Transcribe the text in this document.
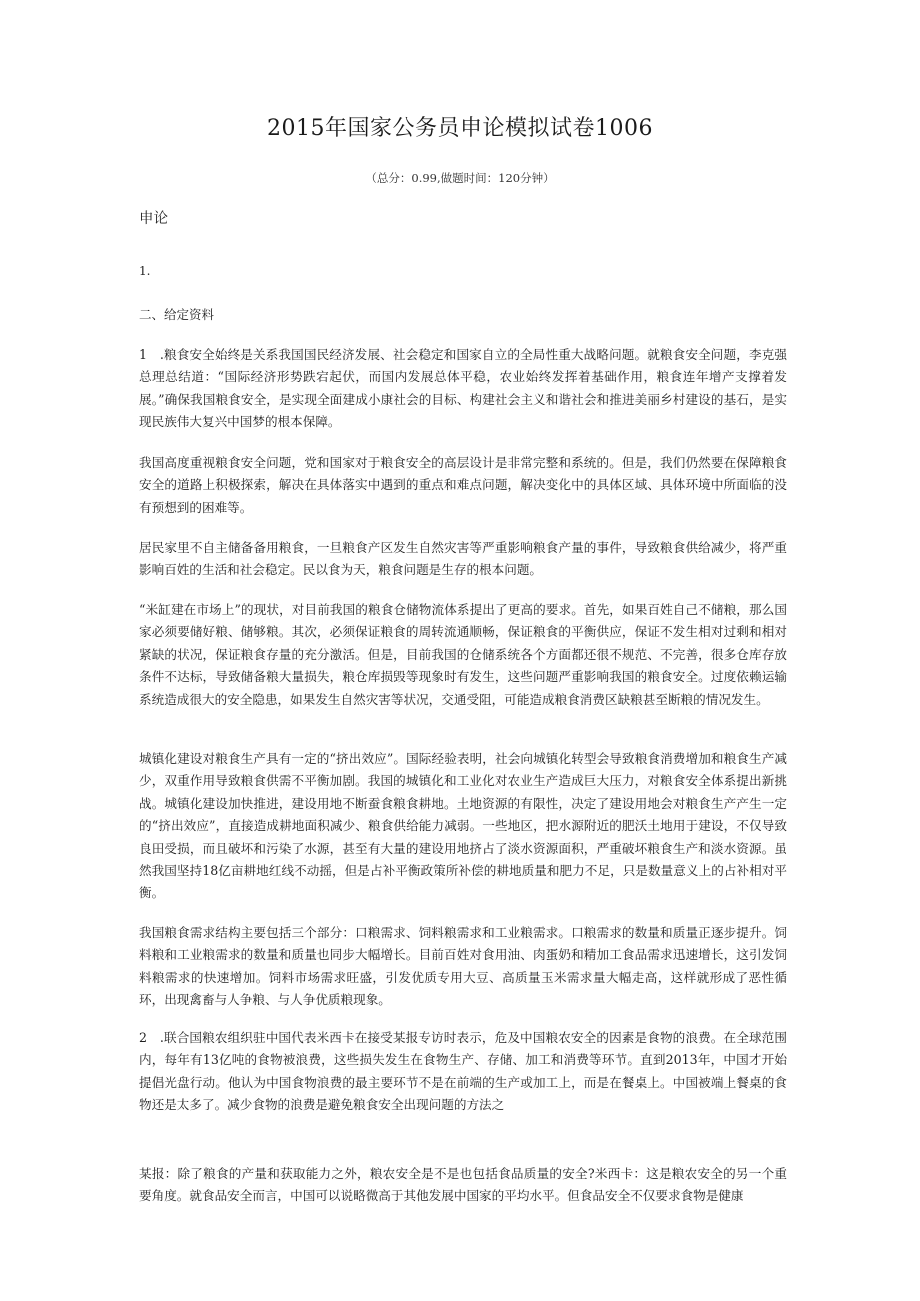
2015年国家公务员申论模拟试卷1006
（总分：0.99,做题时间：120分钟）
申论
1.
二、给定资料
1　.粮食安全始终是关系我国国民经济发展、社会稳定和国家自立的全局性重大战略问题。就粮食安全问题，李克强总理总结道：“国际经济形势跌宕起伏，而国内发展总体平稳，农业始终发挥着基础作用，粮食连年增产支撑着发展。”确保我国粮食安全，是实现全面建成小康社会的目标、构建社会主义和谐社会和推进美丽乡村建设的基石，是实现民族伟大复兴中国梦的根本保障。
我国高度重视粮食安全问题，党和国家对于粮食安全的高层设计是非常完整和系统的。但是，我们仍然要在保障粮食安全的道路上积极探索，解决在具体落实中遇到的重点和难点问题，解决变化中的具体区域、具体环境中所面临的没有预想到的困难等。
居民家里不自主储备备用粮食，一旦粮食产区发生自然灾害等严重影响粮食产量的事件，导致粮食供给减少，将严重影响百姓的生活和社会稳定。民以食为天，粮食问题是生存的根本问题。
“米缸建在市场上”的现状，对目前我国的粮食仓储物流体系提出了更高的要求。首先，如果百姓自己不储粮，那么国家必须要储好粮、储够粮。其次，必须保证粮食的周转流通顺畅，保证粮食的平衡供应，保证不发生相对过剩和相对紧缺的状况，保证粮食存量的充分激活。但是，目前我国的仓储系统各个方面都还很不规范、不完善，很多仓库存放条件不达标，导致储备粮大量损失，粮仓库损毁等现象时有发生，这些问题严重影响我国的粮食安全。过度依赖运输系统造成很大的安全隐患，如果发生自然灾害等状况，交通受阻，可能造成粮食消费区缺粮甚至断粮的情况发生。
城镇化建设对粮食生产具有一定的“挤出效应”。国际经验表明，社会向城镇化转型会导致粮食消费增加和粮食生产减少，双重作用导致粮食供需不平衡加剧。我国的城镇化和工业化对农业生产造成巨大压力，对粮食安全体系提出新挑战。城镇化建设加快推进，建设用地不断蚕食粮食耕地。土地资源的有限性，决定了建设用地会对粮食生产产生一定的“挤出效应”，直接造成耕地面积减少、粮食供给能力减弱。一些地区，把水源附近的肥沃土地用于建设，不仅导致良田受损，而且破坏和污染了水源，甚至有大量的建设用地挤占了淡水资源面积，严重破坏粮食生产和淡水资源。虽然我国坚持18亿亩耕地红线不动摇，但是占补平衡政策所补偿的耕地质量和肥力不足，只是数量意义上的占补相对平衡。
我国粮食需求结构主要包括三个部分：口粮需求、饲料粮需求和工业粮需求。口粮需求的数量和质量正逐步提升。饲料粮和工业粮需求的数量和质量也同步大幅增长。目前百姓对食用油、肉蛋奶和精加工食品需求迅速增长，这引发饲料粮需求的快速增加。饲料市场需求旺盛，引发优质专用大豆、高质量玉米需求量大幅走高，这样就形成了恶性循环，出现禽畜与人争粮、与人争优质粮现象。
2　.联合国粮农组织驻中国代表米西卡在接受某报专访时表示，危及中国粮农安全的因素是食物的浪费。在全球范围内，每年有13亿吨的食物被浪费，这些损失发生在食物生产、存储、加工和消费等环节。直到2013年，中国才开始提倡光盘行动。他认为中国食物浪费的最主要环节不是在前端的生产或加工上，而是在餐桌上。中国被端上餐桌的食物还是太多了。减少食物的浪费是避免粮食安全出现问题的方法之
某报：除了粮食的产量和获取能力之外，粮农安全是不是也包括食品质量的安全?米西卡：这是粮农安全的另一个重要角度。就食品安全而言，中国可以说略微高于其他发展中国家的平均水平。但食品安全不仅要求食物是健康
